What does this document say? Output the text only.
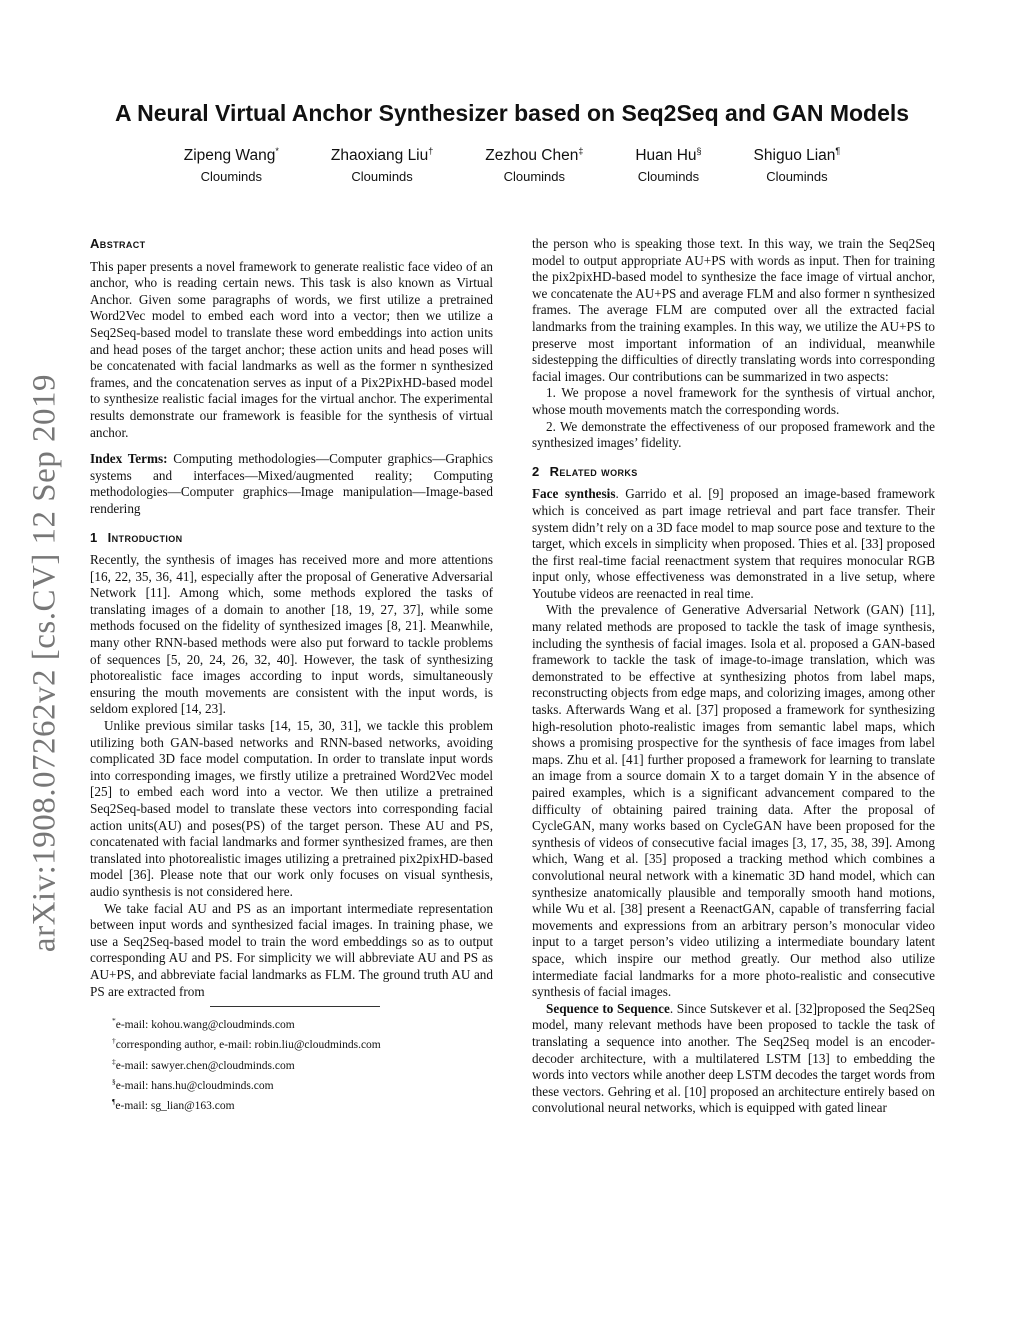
arXiv:1908.07262v2 [cs.CV] 12 Sep 2019
A Neural Virtual Anchor Synthesizer based on Seq2Seq and GAN Models
Zipeng Wang*
Clouminds
Zhaoxiang Liu†
Clouminds
Zezhou Chen‡
Clouminds
Huan Hu§
Clouminds
Shiguo Lian¶
Clouminds
Abstract

This paper presents a novel framework to generate realistic face video of an anchor, who is reading certain news. This task is also known as Virtual Anchor. Given some paragraphs of words, we first utilize a pretrained Word2Vec model to embed each word into a vector; then we utilize a Seq2Seq-based model to translate these word embeddings into action units and head poses of the target anchor; these action units and head poses will be concatenated with facial landmarks as well as the former n synthesized frames, and the concatenation serves as input of a Pix2PixHD-based model to synthesize realistic facial images for the virtual anchor. The experimental results demonstrate our framework is feasible for the synthesis of virtual anchor.

Index Terms: Computing methodologies—Computer graphics—Graphics systems and interfaces—Mixed/augmented reality; Computing methodologies—Computer graphics—Image manipulation—Image-based rendering

1 Introduction

Recently, the synthesis of images has received more and more attentions [16, 22, 35, 36, 41], especially after the proposal of Generative Adversarial Network [11]. Among which, some methods explored the tasks of translating images of a domain to another [18, 19, 27, 37], while some methods focused on the fidelity of synthesized images [8, 21]. Meanwhile, many other RNN-based methods were also put forward to tackle problems of sequences [5, 20, 24, 26, 32, 40]. However, the task of synthesizing photorealistic face images according to input words, simultaneously ensuring the mouth movements are consistent with the input words, is seldom explored [14, 23].

Unlike previous similar tasks [14, 15, 30, 31], we tackle this problem utilizing both GAN-based networks and RNN-based networks, avoiding complicated 3D face model computation. In order to translate input words into corresponding images, we firstly utilize a pretrained Word2Vec model [25] to embed each word into a vector. We then utilize a pretrained Seq2Seq-based model to translate these vectors into corresponding facial action units(AU) and poses(PS) of the target person. These AU and PS, concatenated with facial landmarks and former synthesized frames, are then translated into photorealistic images utilizing a pretrained pix2pixHD-based model [36]. Please note that our work only focuses on visual synthesis, audio synthesis is not considered here.

We take facial AU and PS as an important intermediate representation between input words and synthesized facial images. In training phase, we use a Seq2Seq-based model to train the word embeddings so as to output corresponding AU and PS. For simplicity we will abbreviate AU and PS as AU+PS, and abbreviate facial landmarks as FLM. The ground truth AU and PS are extracted from

*e-mail: kohou.wang@cloudminds.com
†corresponding author, e-mail: robin.liu@cloudminds.com
‡e-mail: sawyer.chen@cloudminds.com
§e-mail: hans.hu@cloudminds.com
¶e-mail: sg_lian@163.com

the person who is speaking those text. In this way, we train the Seq2Seq model to output appropriate AU+PS with words as input. Then for training the pix2pixHD-based model to synthesize the face image of virtual anchor, we concatenate the AU+PS and average FLM and also former n synthesized frames. The average FLM are computed over all the extracted facial landmarks from the training examples. In this way, we utilize the AU+PS to preserve most important information of an individual, meanwhile sidestepping the difficulties of directly translating words into corresponding facial images. Our contributions can be summarized in two aspects:

1. We propose a novel framework for the synthesis of virtual anchor, whose mouth movements match the corresponding words.

2. We demonstrate the effectiveness of our proposed framework and the synthesized images’ fidelity.

2 Related works

Face synthesis. Garrido et al. [9] proposed an image-based framework which is conceived as part image retrieval and part face transfer. Their system didn’t rely on a 3D face model to map source pose and texture to the target, which excels in simplicity when proposed. Thies et al. [33] proposed the first real-time facial reenactment system that requires monocular RGB input only, whose effectiveness was demonstrated in a live setup, where Youtube videos are reenacted in real time.

With the prevalence of Generative Adversarial Network (GAN) [11], many related methods are proposed to tackle the task of image synthesis, including the synthesis of facial images. Isola et al. proposed a GAN-based framework to tackle the task of image-to-image translation, which was demonstrated to be effective at synthesizing photos from label maps, reconstructing objects from edge maps, and colorizing images, among other tasks. Afterwards Wang et al. [37] proposed a framework for synthesizing high-resolution photo-realistic images from semantic label maps, which shows a promising prospective for the synthesis of face images from label maps. Zhu et al. [41] further proposed a framework for learning to translate an image from a source domain X to a target domain Y in the absence of paired examples, which is a significant advancement compared to the difficulty of obtaining paired training data. After the proposal of CycleGAN, many works based on CycleGAN have been proposed for the synthesis of videos of consecutive facial images [3, 17, 35, 38, 39]. Among which, Wang et al. [35] proposed a tracking method which combines a convolutional neural network with a kinematic 3D hand model, which can synthesize anatomically plausible and temporally smooth hand motions, while Wu et al. [38] present a ReenactGAN, capable of transferring facial movements and expressions from an arbitrary person’s monocular video input to a target person’s video utilizing a intermediate boundary latent space, which inspire our method greatly. Our method also utilize intermediate facial landmarks for a more photo-realistic and consecutive synthesis of facial images.

Sequence to Sequence. Since Sutskever et al. [32]proposed the Seq2Seq model, many relevant methods have been proposed to tackle the task of translating a sequence into another. The Seq2Seq model is an encoder-decoder architecture, with a multilatered LSTM [13] to embedding the words into vectors while another deep LSTM decodes the target words from these vectors. Gehring et al. [10] proposed an architecture entirely based on convolutional neural networks, which is equipped with gated linear
